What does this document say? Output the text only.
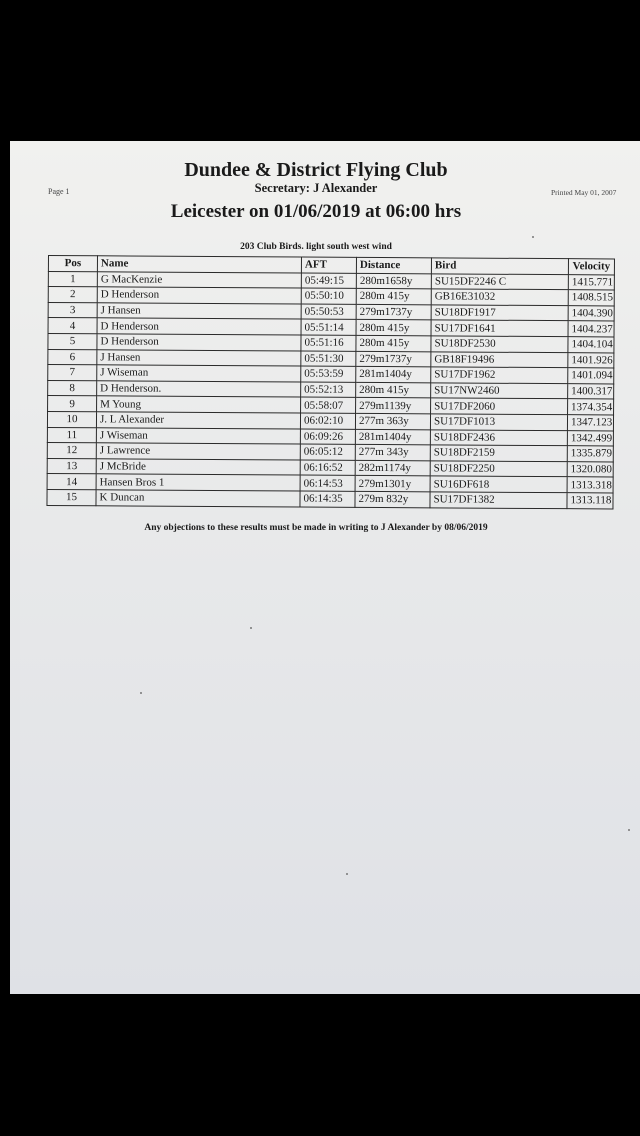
Page 1	Printed May 01, 2007
Dundee & District Flying Club
Secretary: J Alexander
Leicester on 01/06/2019 at 06:00 hrs
203 Club Birds. light south west wind
Pos	Name	AFT	Distance	Bird	Velocity
1	G MacKenzie	05:49:15	280m1658y	SU15DF2246 C	1415.771
2	D Henderson	05:50:10	280m 415y	GB16E31032	1408.515
3	J Hansen	05:50:53	279m1737y	SU18DF1917	1404.390
4	D Henderson	05:51:14	280m 415y	SU17DF1641	1404.237
5	D Henderson	05:51:16	280m 415y	SU18DF2530	1404.104
6	J Hansen	05:51:30	279m1737y	GB18F19496	1401.926
7	J Wiseman	05:53:59	281m1404y	SU17DF1962	1401.094
8	D Henderson.	05:52:13	280m 415y	SU17NW2460	1400.317
9	M Young	05:58:07	279m1139y	SU17DF2060	1374.354
10	J. L Alexander	06:02:10	277m 363y	SU17DF1013	1347.123
11	J Wiseman	06:09:26	281m1404y	SU18DF2436	1342.499
12	J Lawrence	06:05:12	277m 343y	SU18DF2159	1335.879
13	J McBride	06:16:52	282m1174y	SU18DF2250	1320.080
14	Hansen Bros 1	06:14:53	279m1301y	SU16DF618	1313.318
15	K Duncan	06:14:35	279m 832y	SU17DF1382	1313.118
Any objections to these results must be made in writing to J Alexander by 08/06/2019
